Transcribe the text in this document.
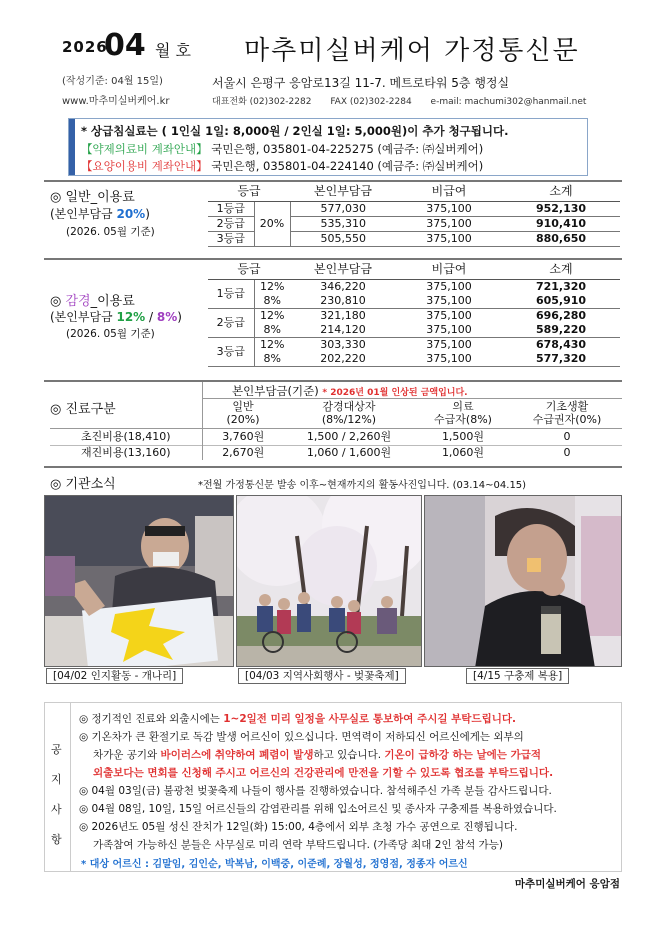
2026
04 월 호 마추미실버케어 가정통신문
(작성기준: 04월 15일)
www.마추미실버케어.kr
서울시 은평구 응암로13길 11-7. 메트로타워 5층 행정실
대표전화 (02)302-2282 FAX (02)302-2284 e-mail: machumi302@hanmail.net
* 상급침실료는 ( 1인실 1일: 8,000원 / 2인실 1일: 5,000원)이 추가 청구됩니다.
【약제의료비 계좌안내】 국민은행, 035801-04-225275 (예금주: ㈜실버케어)
【요양이용비 계좌안내】 국민은행, 035801-04-224140 (예금주: ㈜실버케어)
◎ 일반_이용료
(본인부담금 20%)
(2026. 05월 기준)
등급		본인부담금	비급여	소계
1등급	20%	577,030	375,100	952,130
2등급		535,310	375,100	910,410
3등급		505,550	375,100	880,650
◎ 감경_이용료
(본인부담금 12% / 8%)
(2026. 05월 기준)
등급		본인부담금	비급여	소계
1등급	12%	346,220	375,100	721,320
	8%	230,810	375,100	605,910
2등급	12%	321,180	375,100	696,280
	8%	214,120	375,100	589,220
3등급	12%	303,330	375,100	678,430
	8%	202,220	375,100	577,320
◎ 진료구분
본인부담금(기준) * 2026년 01월 인상된 금액입니다.
일반
(20%)
감경대상자
(8%/12%)
의료
수급자(8%)
기초생활
수급권자(0%)
초진비용(18,410)	3,760원	1,500 / 2,260원	1,500원	0
재진비용(13,160)	2,670원	1,060 / 1,600원	1,060원	0
◎ 기관소식	*전월 가정통신문 발송 이후~현재까지의 활동사진입니다. (03.14~04.15)
[04/02 인지활동 - 개나리]	[04/03 지역사회행사 - 벚꽃축제]	[4/15 구충제 복용]
공
지
사
항
◎ 정기적인 진료와 외출시에는 1~2일전 미리 일정을 사무실로 통보하여 주시길 부탁드립니다.
◎ 기온차가 큰 환절기로 독감 발생 어르신이 있으십니다. 면역력이 저하되신 어르신에게는 외부의
차가운 공기와 바이러스에 취약하여 폐렴이 발생하고 있습니다. 기온이 급하강 하는 날에는 가급적
외출보다는 면회를 신청해 주시고 어르신의 건강관리에 만전을 기할 수 있도록 협조를 부탁드립니다.
◎ 04월 03일(금) 불광천 벚꽃축제 나들이 행사를 진행하였습니다. 참석해주신 가족 분들 감사드립니다.
◎ 04월 08일, 10일, 15일 어르신들의 감염관리를 위해 입소어르신 및 종사자 구충제를 복용하였습니다.
◎ 2026년도 05월 성신 잔치가 12일(화) 15:00, 4층에서 외부 초청 가수 공연으로 진행됩니다.
가족참여 가능하신 분들은 사무실로 미리 연락 부탁드립니다. (가족당 최대 2인 참석 가능)
* 대상 어르신 : 김말임, 김인순, 박복남, 이백중, 이준례, 장월성, 정영점, 정종자 어르신
마추미실버케어 응암점
